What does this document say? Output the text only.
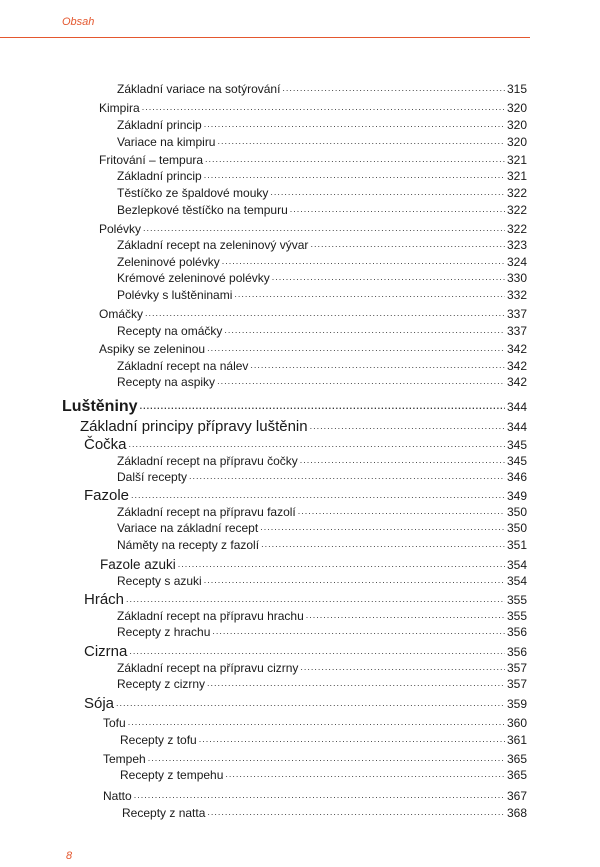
Obsah
Základní variace na sotýrování .....	315
Kimpira .....	320
Základní princip .....	320
Variace na kimpiru .....	320
Fritování – tempura .....	321
Základní princip .....	321
Těstíčko ze špaldové mouky .....	322
Bezlepkové těstíčko na tempuru .....	322
Polévky .....	322
Základní recept na zeleninový vývar .....	323
Zeleninové polévky .....	324
Krémové zeleninové polévky .....	330
Polévky s luštěninami .....	332
Omáčky .....	337
Recepty na omáčky .....	337
Aspiky se zeleninou .....	342
Základní recept na nálev .....	342
Recepty na aspiky .....	342
Luštěniny .....	344
Základní principy přípravy luštěnin .....	344
Čočka .....	345
Základní recept na přípravu čočky .....	345
Další recepty .....	346
Fazole .....	349
Základní recept na přípravu fazolí .....	350
Variace na základní recept .....	350
Náměty na recepty z fazolí .....	351
Fazole azuki .....	354
Recepty s azuki .....	354
Hrách .....	355
Základní recept na přípravu hrachu .....	355
Recepty z hrachu .....	356
Cizrna .....	356
Základní recept na přípravu cizrny .....	357
Recepty z cizrny .....	357
Sója .....	359
Tofu .....	360
Recepty z tofu .....	361
Tempeh .....	365
Recepty z tempehu .....	365
Natto .....	367
Recepty z natta .....	368
8
